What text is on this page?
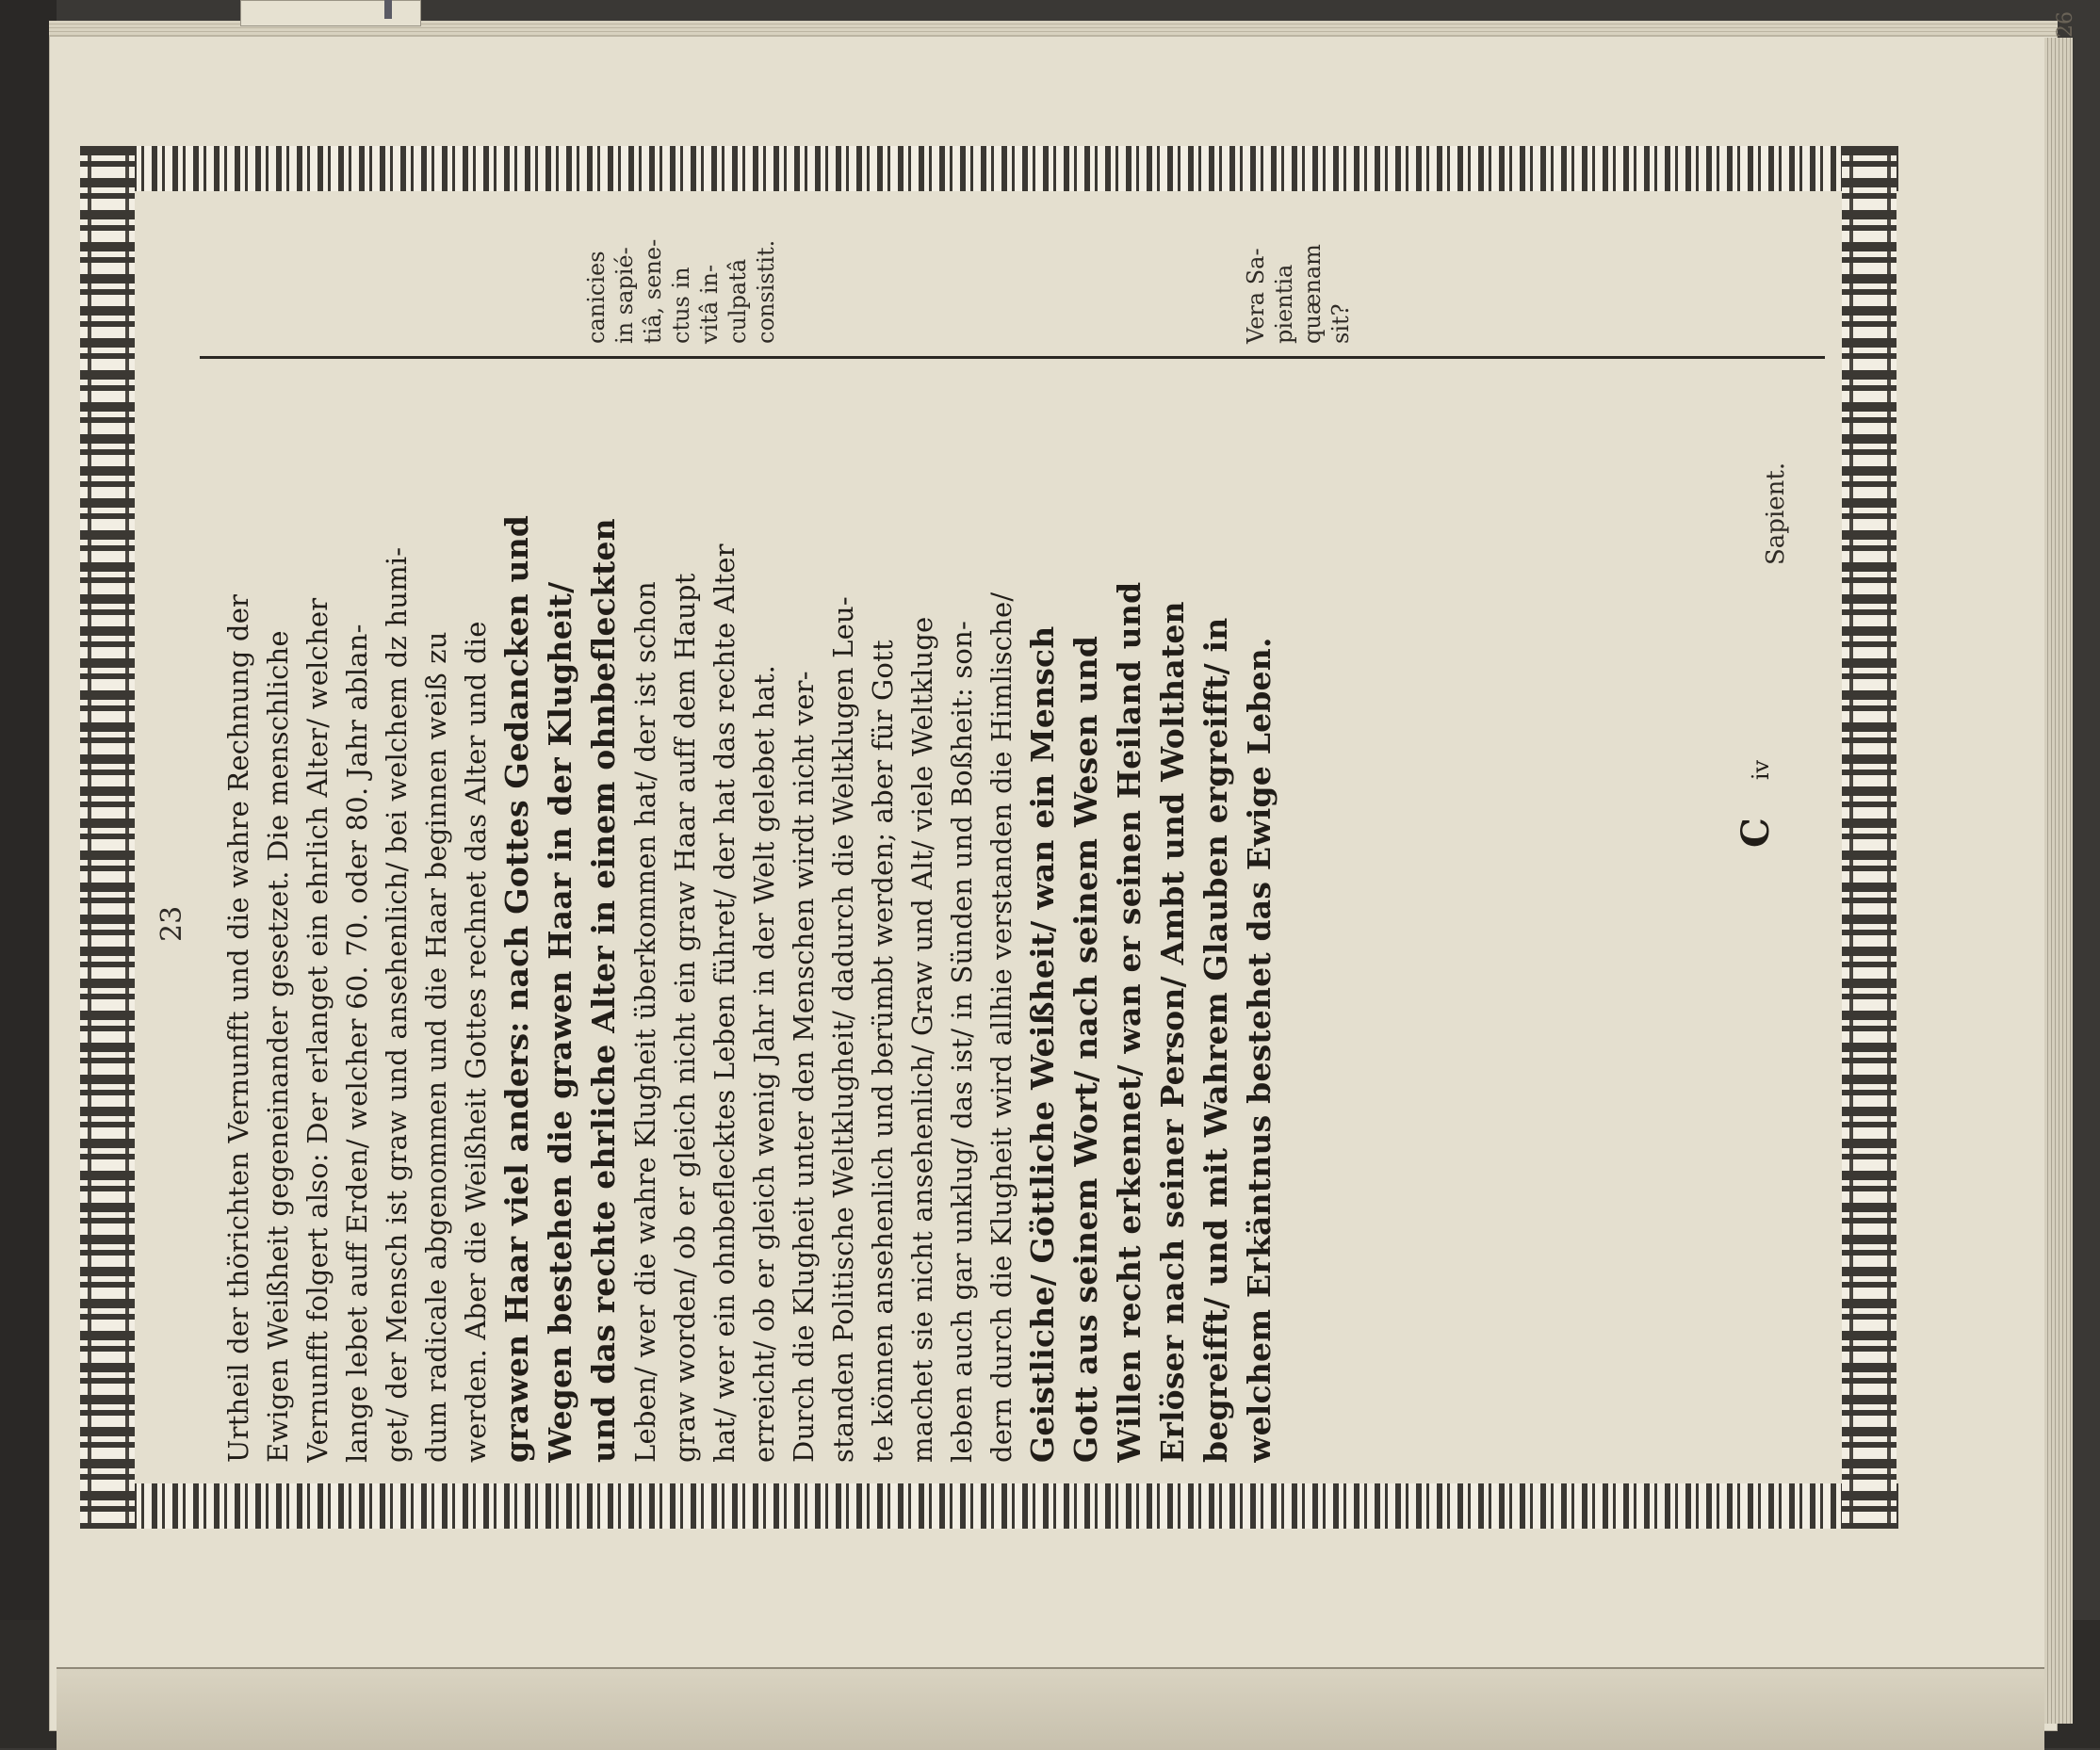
23
26
canicies in sapié- tiâ, sene- ctus in vitâ in- culpatâ consistit.	Vera Sa- pientia quænam sit?
Sapient.
Urtheil der thörichten Vernunfft und die wahre Rechnung der Ewigen Weißheit gegeneinander gesetzet. Die menschliche Vernunfft folgert also: Der erlanget ein ehrlich Alter/ welcher lange lebet auff Erden/ welcher 60. 70. oder 80. Jahr ablan- get/ der Mensch ist graw und ansehenlich/ bei welchem dz humi- dum radicale abgenommen und die Haar beginnen weiß zu werden. Aber die Weißheit Gottes rechnet das Alter und die grawen Haar viel anders: nach Gottes Gedancken und Wegen bestehen die grawen Haar in der Klugheit/ und das rechte ehrliche Alter in einem ohnbefleckten Leben/ wer die wahre Klugheit überkommen hat/ der ist schon graw worden/ ob er gleich nicht ein graw Haar auff dem Haupt hat/ wer ein ohnbeflecktes Leben führet/ der hat das rechte Alter erreicht/ ob er gleich wenig Jahr in der Welt gelebet hat. Durch die Klugheit unter den Menschen wirdt nicht ver- standen Politische Weltklugheit/ dadurch die Weltklugen Leu- te können ansehenlich und berümbt werden; aber für Gott machet sie nicht ansehenlich/ Graw und Alt/ viele Weltkluge leben auch gar unklug/ das ist/ in Sünden und Boßheit: son- dern durch die Klugheit wird allhie verstanden die Himlische/ Geistliche/ Göttliche Weißheit/ wan ein Mensch Gott aus seinem Wort/ nach seinem Wesen und Willen recht erkennet/ wan er seinen Heiland und Erlöser nach seiner Person/ Ambt und Wolthaten begreifft/ und mit Wahrem Glauben ergreifft/ in welchem Erkäntnus bestehet das Ewige Leben.	Civ
